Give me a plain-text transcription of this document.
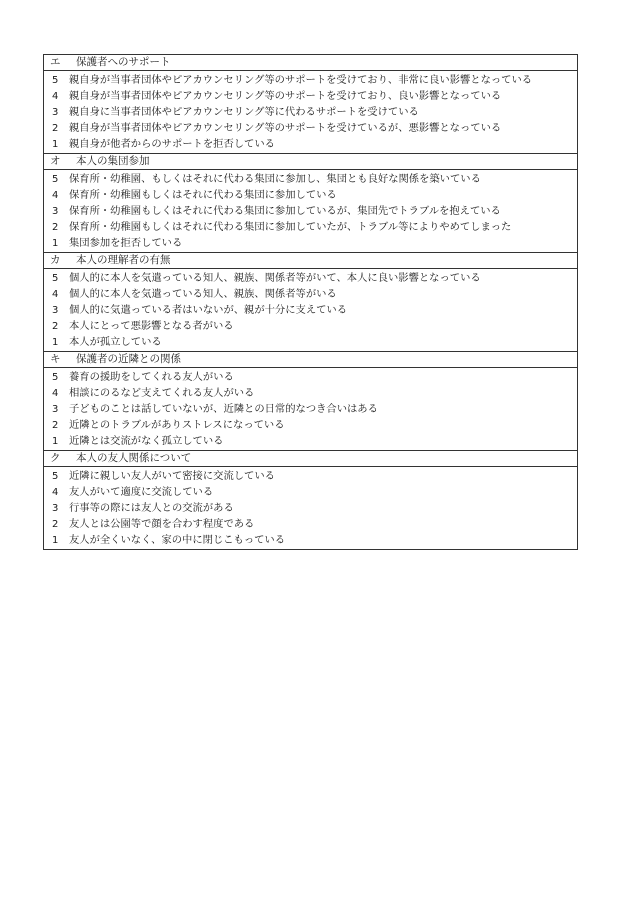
エ 保護者へのサポート
5 親自身が当事者団体やピアカウンセリング等のサポートを受けており、非常に良い影響となっている
4 親自身が当事者団体やピアカウンセリング等のサポートを受けており、良い影響となっている
3 親自身に当事者団体やピアカウンセリング等に代わるサポートを受けている
2 親自身が当事者団体やピアカウンセリング等のサポートを受けているが、悪影響となっている
1 親自身が他者からのサポートを拒否している
オ 本人の集団参加
5 保育所・幼稚園、もしくはそれに代わる集団に参加し、集団とも良好な関係を築いている
4 保育所・幼稚園もしくはそれに代わる集団に参加している
3 保育所・幼稚園もしくはそれに代わる集団に参加しているが、集団先でトラブルを抱えている
2 保育所・幼稚園もしくはそれに代わる集団に参加していたが、トラブル等によりやめてしまった
1 集団参加を拒否している
カ 本人の理解者の有無
5 個人的に本人を気遣っている知人、親族、関係者等がいて、本人に良い影響となっている
4 個人的に本人を気遣っている知人、親族、関係者等がいる
3 個人的に気遣っている者はいないが、親が十分に支えている
2 本人にとって悪影響となる者がいる
1 本人が孤立している
キ 保護者の近隣との関係
5 養育の援助をしてくれる友人がいる
4 相談にのるなど支えてくれる友人がいる
3 子どものことは話していないが、近隣との日常的なつき合いはある
2 近隣とのトラブルがありストレスになっている
1 近隣とは交流がなく孤立している
ク 本人の友人関係について
5 近隣に親しい友人がいて密接に交流している
4 友人がいて適度に交流している
3 行事等の際には友人との交流がある
2 友人とは公園等で顔を合わす程度である
1 友人が全くいなく、家の中に閉じこもっている
